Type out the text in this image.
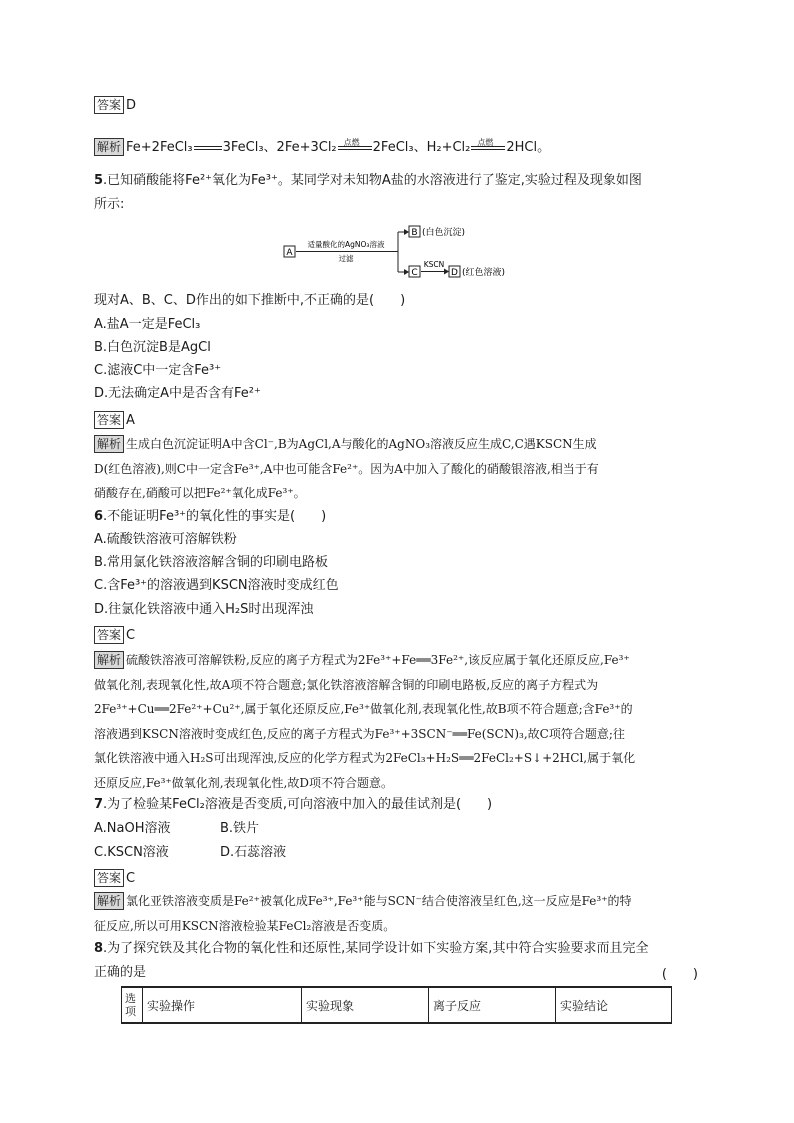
答案 D
解析 Fe+2FeCl₃ 3FeCl₃、2Fe+3Cl₂ 点燃 2FeCl₃、H₂+Cl₂ 点燃 2HCl。
5.已知硝酸能将Fe²⁺氧化为Fe³⁺。某同学对未知物A盐的水溶液进行了鉴定,实验过程及现象如图
所示:
A
适量酸化的AgNO₃溶液
过滤
B (白色沉淀)
C
KSCN
D (红色溶液)
现对A、B、C、D作出的如下推断中,不正确的是(　　)
A.盐A一定是FeCl₃
B.白色沉淀B是AgCl
C.滤液C中一定含Fe³⁺
D.无法确定A中是否含有Fe²⁺
答案 A
解析 生成白色沉淀证明A中含Cl⁻,B为AgCl,A与酸化的AgNO₃溶液反应生成C,C遇KSCN生成
D(红色溶液),则C中一定含Fe³⁺,A中也可能含Fe²⁺。因为A中加入了酸化的硝酸银溶液,相当于有
硝酸存在,硝酸可以把Fe²⁺氧化成Fe³⁺。
6.不能证明Fe³⁺的氧化性的事实是(　　)
A.硫酸铁溶液可溶解铁粉
B.常用氯化铁溶液溶解含铜的印刷电路板
C.含Fe³⁺的溶液遇到KSCN溶液时变成红色
D.往氯化铁溶液中通入H₂S时出现浑浊
答案 C
解析 硫酸铁溶液可溶解铁粉,反应的离子方程式为2Fe³⁺+Fe══3Fe²⁺,该反应属于氧化还原反应,Fe³⁺
做氧化剂,表现氧化性,故A项不符合题意;氯化铁溶液溶解含铜的印刷电路板,反应的离子方程式为
2Fe³⁺+Cu══2Fe²⁺+Cu²⁺,属于氧化还原反应,Fe³⁺做氧化剂,表现氧化性,故B项不符合题意;含Fe³⁺的
溶液遇到KSCN溶液时变成红色,反应的离子方程式为Fe³⁺+3SCN⁻══Fe(SCN)₃,故C项符合题意;往
氯化铁溶液中通入H₂S可出现浑浊,反应的化学方程式为2FeCl₃+H₂S══2FeCl₂+S↓+2HCl,属于氧化
还原反应,Fe³⁺做氧化剂,表现氧化性,故D项不符合题意。
7.为了检验某FeCl₂溶液是否变质,可向溶液中加入的最佳试剂是(　　)
A.NaOH溶液	B.铁片
C.KSCN溶液	D.石蕊溶液
答案 C
解析 氯化亚铁溶液变质是Fe²⁺被氧化成Fe³⁺,Fe³⁺能与SCN⁻结合使溶液呈红色,这一反应是Fe³⁺的特
征反应,所以可用KSCN溶液检验某FeCl₂溶液是否变质。
8.为了探究铁及其化合物的氧化性和还原性,某同学设计如下实验方案,其中符合实验要求而且完全
正确的是	(　　)
选项	实验操作	实验现象	离子反应	实验结论
